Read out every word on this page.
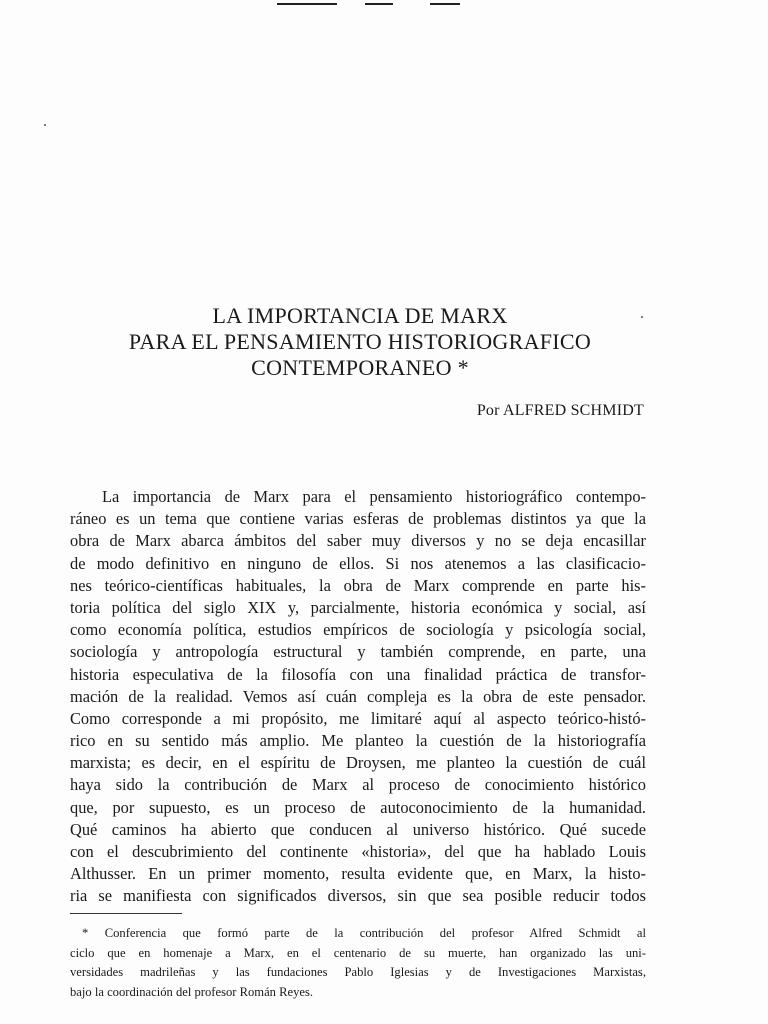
LA IMPORTANCIA DE MARX
PARA EL PENSAMIENTO HISTORIOGRAFICO
CONTEMPORANEO *
Por ALFRED SCHMIDT
La importancia de Marx para el pensamiento historiográfico contempo-
ráneo es un tema que contiene varias esferas de problemas distintos ya que la
obra de Marx abarca ámbitos del saber muy diversos y no se deja encasillar
de modo definitivo en ninguno de ellos. Si nos atenemos a las clasificacio-
nes teórico-científicas habituales, la obra de Marx comprende en parte his-
toria política del siglo XIX y, parcialmente, historia económica y social, así
como economía política, estudios empíricos de sociología y psicología social,
sociología y antropología estructural y también comprende, en parte, una
historia especulativa de la filosofía con una finalidad práctica de transfor-
mación de la realidad. Vemos así cuán compleja es la obra de este pensador.
Como corresponde a mi propósito, me limitaré aquí al aspecto teórico-histó-
rico en su sentido más amplio. Me planteo la cuestión de la historiografía
marxista; es decir, en el espíritu de Droysen, me planteo la cuestión de cuál
haya sido la contribución de Marx al proceso de conocimiento histórico
que, por supuesto, es un proceso de autoconocimiento de la humanidad.
Qué caminos ha abierto que conducen al universo histórico. Qué sucede
con el descubrimiento del continente «historia», del que ha hablado Louis
Althusser. En un primer momento, resulta evidente que, en Marx, la histo-
ria se manifiesta con significados diversos, sin que sea posible reducir todos
* Conferencia que formó parte de la contribución del profesor Alfred Schmidt al
ciclo que en homenaje a Marx, en el centenario de su muerte, han organizado las uni-
versidades madrileñas y las fundaciones Pablo Iglesias y de Investigaciones Marxistas,
bajo la coordinación del profesor Román Reyes.
